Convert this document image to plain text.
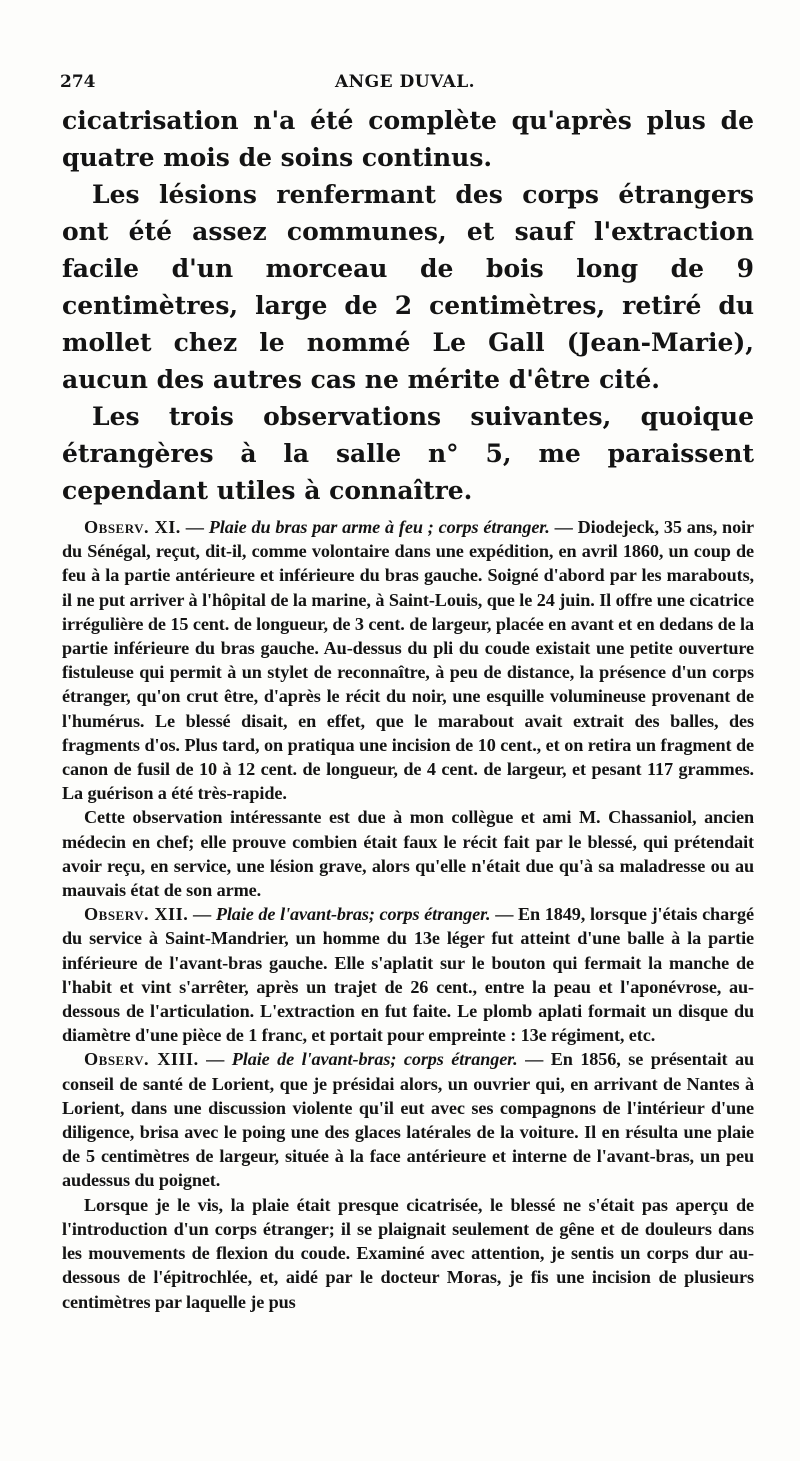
274	ANGE DUVAL.

cicatrisation n'a été complète qu'après plus de quatre mois de soins continus.

Les lésions renfermant des corps étrangers ont été assez communes, et sauf l'extraction facile d'un morceau de bois long de 9 centimètres, large de 2 centimètres, retiré du mollet chez le nommé Le Gall (Jean-Marie), aucun des autres cas ne mérite d'être cité.

Les trois observations suivantes, quoique étrangères à la salle n° 5, me paraissent cependant utiles à connaître.

Observ. XI. — Plaie du bras par arme à feu ; corps étranger. — Diodejeck, 35 ans, noir du Sénégal, reçut, dit-il, comme volontaire dans une expédition, en avril 1860, un coup de feu à la partie antérieure et inférieure du bras gauche. Soigné d'abord par les marabouts, il ne put arriver à l'hôpital de la marine, à Saint-Louis, que le 24 juin. Il offre une cicatrice irrégulière de 15 cent. de longueur, de 3 cent. de largeur, placée en avant et en dedans de la partie inférieure du bras gauche. Au-dessus du pli du coude existait une petite ouverture fistuleuse qui permit à un stylet de reconnaître, à peu de distance, la présence d'un corps étranger, qu'on crut être, d'après le récit du noir, une esquille volumineuse provenant de l'humérus. Le blessé disait, en effet, que le marabout avait extrait des balles, des fragments d'os. Plus tard, on pratiqua une incision de 10 cent., et on retira un fragment de canon de fusil de 10 à 12 cent. de longueur, de 4 cent. de largeur, et pesant 117 grammes. La guérison a été très-rapide.

Cette observation intéressante est due à mon collègue et ami M. Chassaniol, ancien médecin en chef; elle prouve combien était faux le récit fait par le blessé, qui prétendait avoir reçu, en service, une lésion grave, alors qu'elle n'était due qu'à sa maladresse ou au mauvais état de son arme.

Observ. XII. — Plaie de l'avant-bras; corps étranger. — En 1849, lorsque j'étais chargé du service à Saint-Mandrier, un homme du 13e léger fut atteint d'une balle à la partie inférieure de l'avant-bras gauche. Elle s'aplatit sur le bouton qui fermait la manche de l'habit et vint s'arrêter, après un trajet de 26 cent., entre la peau et l'aponévrose, au-dessous de l'articulation. L'extraction en fut faite. Le plomb aplati formait un disque du diamètre d'une pièce de 1 franc, et portait pour empreinte : 13e régiment, etc.

Observ. XIII. — Plaie de l'avant-bras; corps étranger. — En 1856, se présentait au conseil de santé de Lorient, que je présidai alors, un ouvrier qui, en arrivant de Nantes à Lorient, dans une discussion violente qu'il eut avec ses compagnons de l'intérieur d'une diligence, brisa avec le poing une des glaces latérales de la voiture. Il en résulta une plaie de 5 centimètres de largeur, située à la face antérieure et interne de l'avant-bras, un peu audessus du poignet.

Lorsque je le vis, la plaie était presque cicatrisée, le blessé ne s'était pas aperçu de l'introduction d'un corps étranger; il se plaignait seulement de gêne et de douleurs dans les mouvements de flexion du coude. Examiné avec attention, je sentis un corps dur au-dessous de l'épitrochlée, et, aidé par le docteur Moras, je fis une incision de plusieurs centimètres par laquelle je pus
